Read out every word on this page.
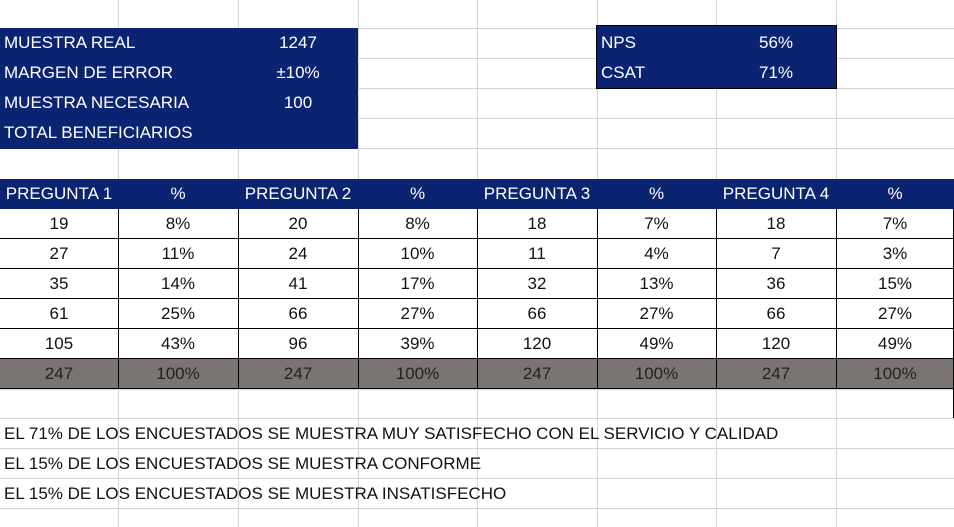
MUESTRA REAL	1247
MARGEN DE ERROR	±10%
MUESTRA NECESARIA	100
TOTAL BENEFICIARIOS
NPS	56%
CSAT	71%
PREGUNTA 1	%	PREGUNTA 2	%	PREGUNTA 3	%	PREGUNTA 4	%
19	8%	20	8%	18	7%	18	7%
27	11%	24	10%	11	4%	7	3%
35	14%	41	17%	32	13%	36	15%
61	25%	66	27%	66	27%	66	27%
105	43%	96	39%	120	49%	120	49%
247	100%	247	100%	247	100%	247	100%
EL 71% DE LOS ENCUESTADOS SE MUESTRA MUY SATISFECHO CON EL SERVICIO Y CALIDAD
EL 15% DE LOS ENCUESTADOS SE MUESTRA CONFORME
EL 15% DE LOS ENCUESTADOS SE MUESTRA INSATISFECHO
